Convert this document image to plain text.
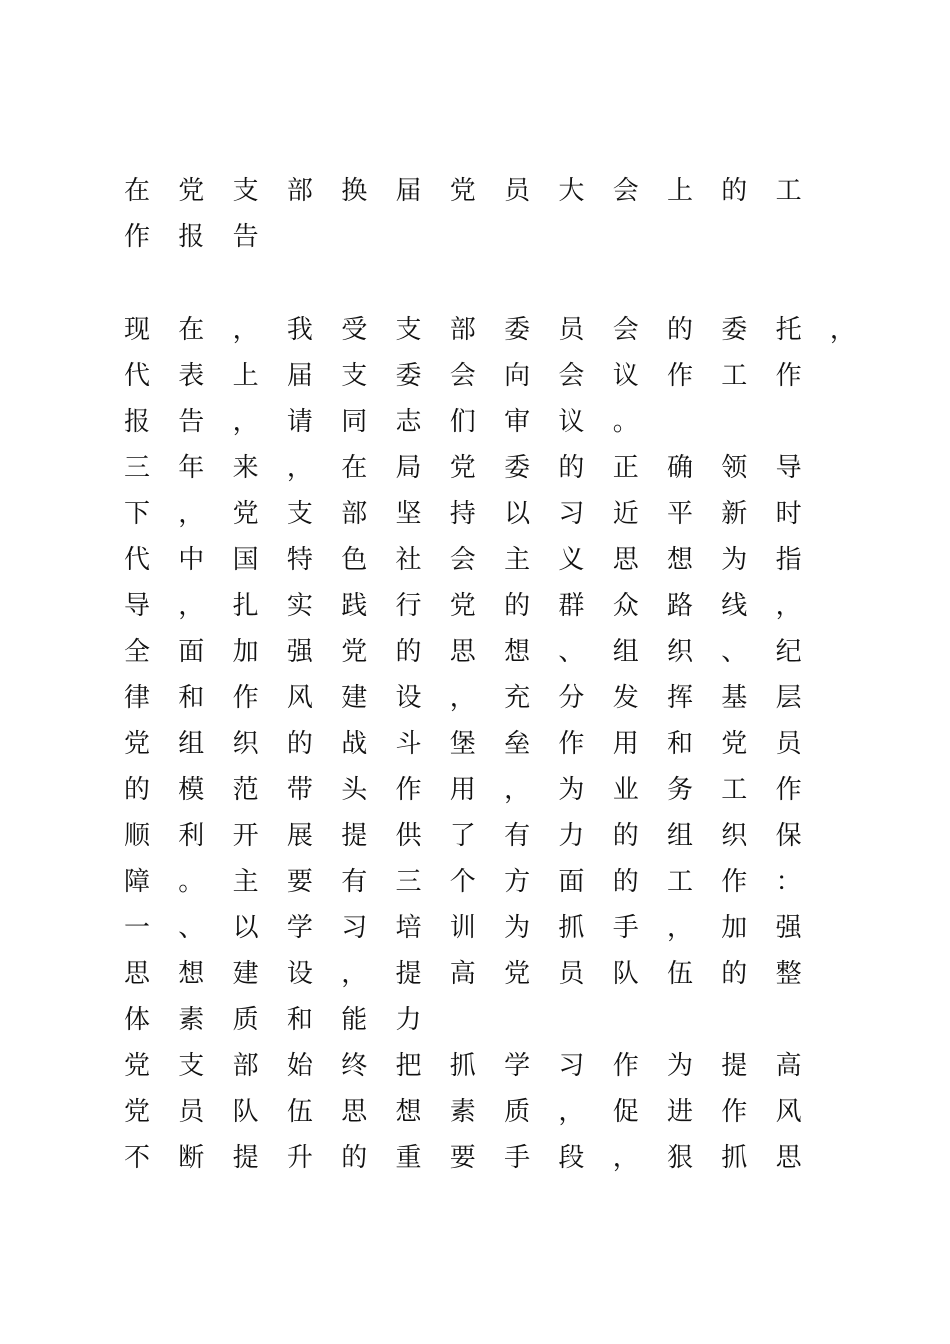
在党支部换届党员大会上的工
作报告
现在，我受支部委员会的委托，
代表上届支委会向会议作工作
报告，请同志们审议。
三年来，在局党委的正确领导
下，党支部坚持以习近平新时
代中国特色社会主义思想为指
导，扎实践行党的群众路线，
全面加强党的思想、组织、纪
律和作风建设，充分发挥基层
党组织的战斗堡垒作用和党员
的模范带头作用，为业务工作
顺利开展提供了有力的组织保
障。主要有三个方面的工作：
一、以学习培训为抓手，加强
思想建设，提高党员队伍的整
体素质和能力
党支部始终把抓学习作为提高
党员队伍思想素质，促进作风
不断提升的重要手段，狠抓思
